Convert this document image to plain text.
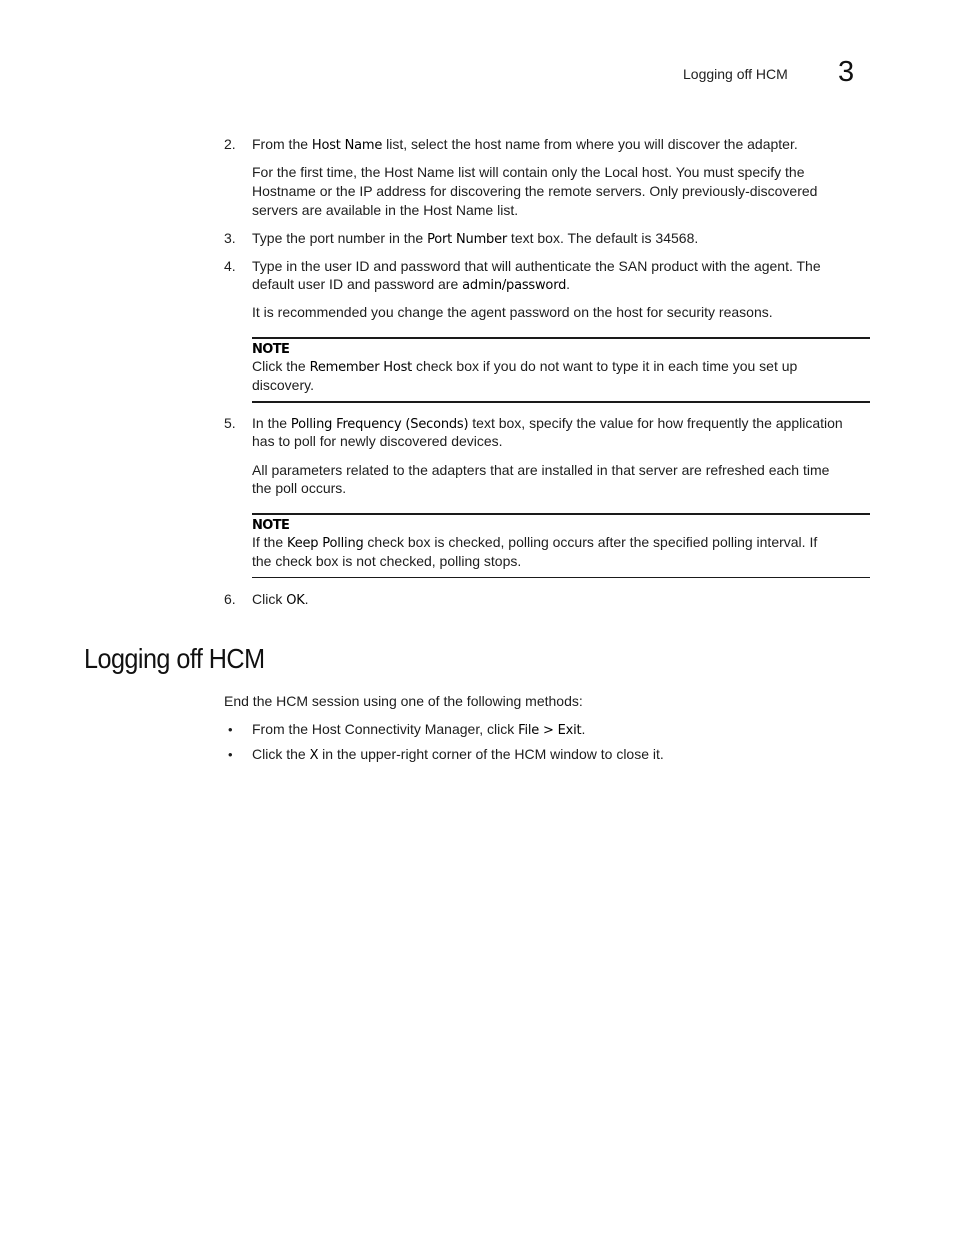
Logging off HCM 3
2. From the Host Name list, select the host name from where you will discover the adapter.
For the first time, the Host Name list will contain only the Local host. You must specify the
Hostname or the IP address for discovering the remote servers. Only previously-discovered
servers are available in the Host Name list.
3. Type the port number in the Port Number text box. The default is 34568.
4. Type in the user ID and password that will authenticate the SAN product with the agent. The
default user ID and password are admin/password.
It is recommended you change the agent password on the host for security reasons.
NOTE
Click the Remember Host check box if you do not want to type it in each time you set up
discovery.
5. In the Polling Frequency (Seconds) text box, specify the value for how frequently the application
has to poll for newly discovered devices.
All parameters related to the adapters that are installed in that server are refreshed each time
the poll occurs.
NOTE
If the Keep Polling check box is checked, polling occurs after the specified polling interval. If
the check box is not checked, polling stops.
6. Click OK.
Logging off HCM
End the HCM session using one of the following methods:
• From the Host Connectivity Manager, click File > Exit.
• Click the X in the upper-right corner of the HCM window to close it.
